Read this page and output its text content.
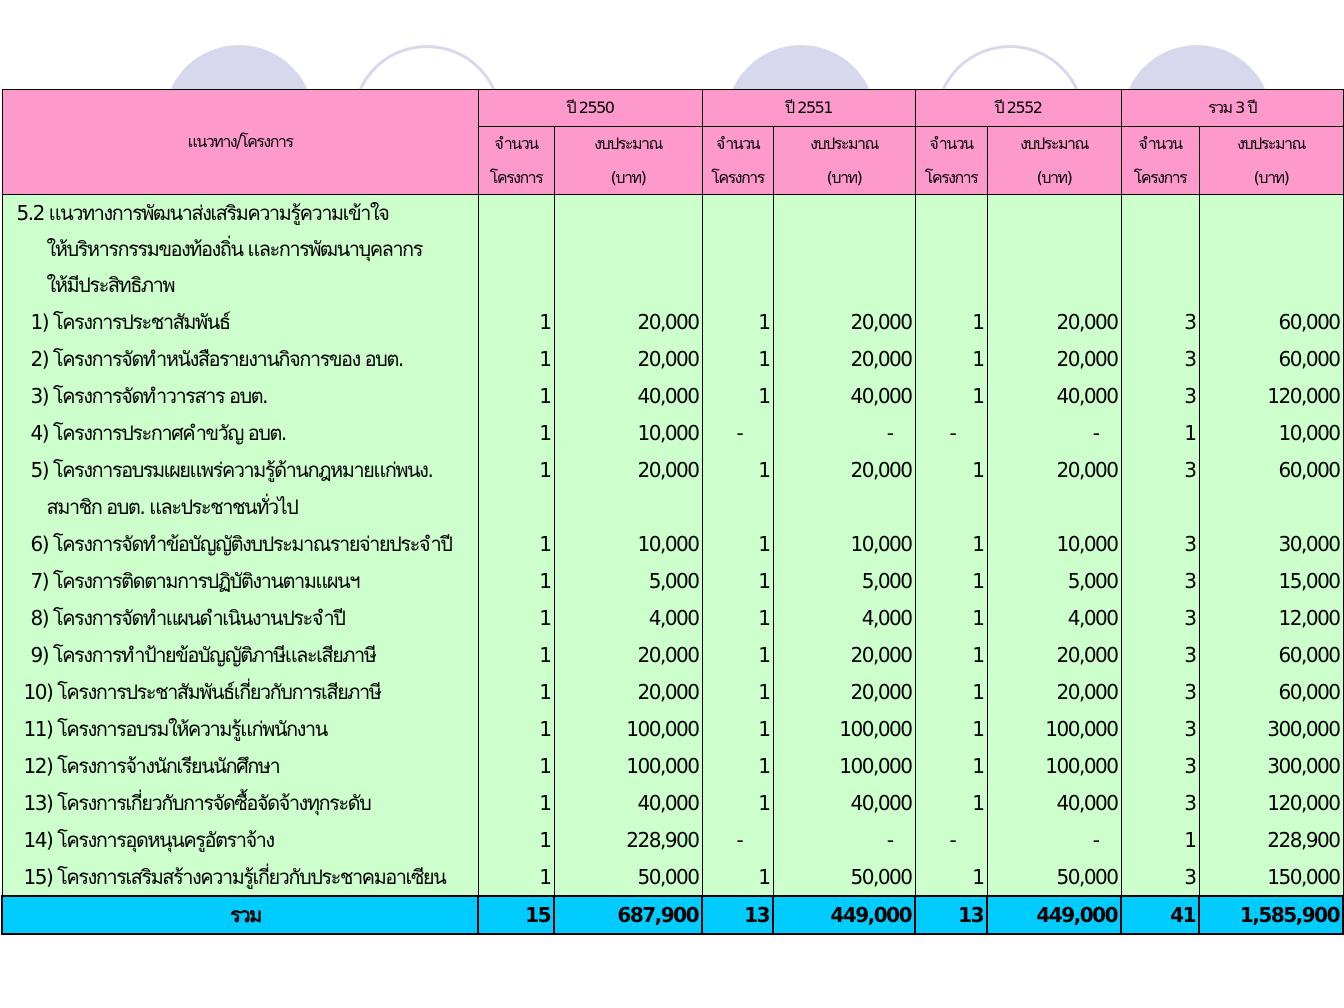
แนวทาง/โครงการ	ปี 2550		ปี 2551		ปี 2552		รวม 3 ปี	
	จำนวน	งบประมาณ	จำนวน	งบประมาณ	จำนวน	งบประมาณ	จำนวน	งบประมาณ
	โครงการ	(บาท)	โครงการ	(บาท)	โครงการ	(บาท)	โครงการ	(บาท)
5.2 แนวทางการพัฒนาส่งเสริมความรู้ความเข้าใจ								
ให้บริหารกรรมของท้องถิ่น และการพัฒนาบุคลากร								
ให้มีประสิทธิภาพ								
1) โครงการประชาสัมพันธ์	1	20,000	1	20,000	1	20,000	3	60,000
2) โครงการจัดทำหนังสือรายงานกิจการของ อบต.	1	20,000	1	20,000	1	20,000	3	60,000
3) โครงการจัดทำวารสาร อบต.	1	40,000	1	40,000	1	40,000	3	120,000
4) โครงการประกาศคำขวัญ อบต.	1	10,000	-	-	-	-	1	10,000
5) โครงการอบรมเผยแพร่ความรู้ด้านกฎหมายแก่พนง.	1	20,000	1	20,000	1	20,000	3	60,000
สมาชิก อบต. และประชาชนทั่วไป								
6) โครงการจัดทำข้อบัญญัติงบประมาณรายจ่ายประจำปี	1	10,000	1	10,000	1	10,000	3	30,000
7) โครงการติดตามการปฏิบัติงานตามแผนฯ	1	5,000	1	5,000	1	5,000	3	15,000
8) โครงการจัดทำแผนดำเนินงานประจำปี	1	4,000	1	4,000	1	4,000	3	12,000
9) โครงการทำป้ายข้อบัญญัติภาษีและเสียภาษี	1	20,000	1	20,000	1	20,000	3	60,000
10) โครงการประชาสัมพันธ์เกี่ยวกับการเสียภาษี	1	20,000	1	20,000	1	20,000	3	60,000
11) โครงการอบรมให้ความรู้แก่พนักงาน	1	100,000	1	100,000	1	100,000	3	300,000
12) โครงการจ้างนักเรียนนักศึกษา	1	100,000	1	100,000	1	100,000	3	300,000
13) โครงการเกี่ยวกับการจัดซื้อจัดจ้างทุกระดับ	1	40,000	1	40,000	1	40,000	3	120,000
14) โครงการอุดหนุนครูอัตราจ้าง	1	228,900	-	-	-	-	1	228,900
15) โครงการเสริมสร้างความรู้เกี่ยวกับประชาคมอาเซียน	1	50,000	1	50,000	1	50,000	3	150,000
รวม	15	687,900	13	449,000	13	449,000	41	1,585,900
